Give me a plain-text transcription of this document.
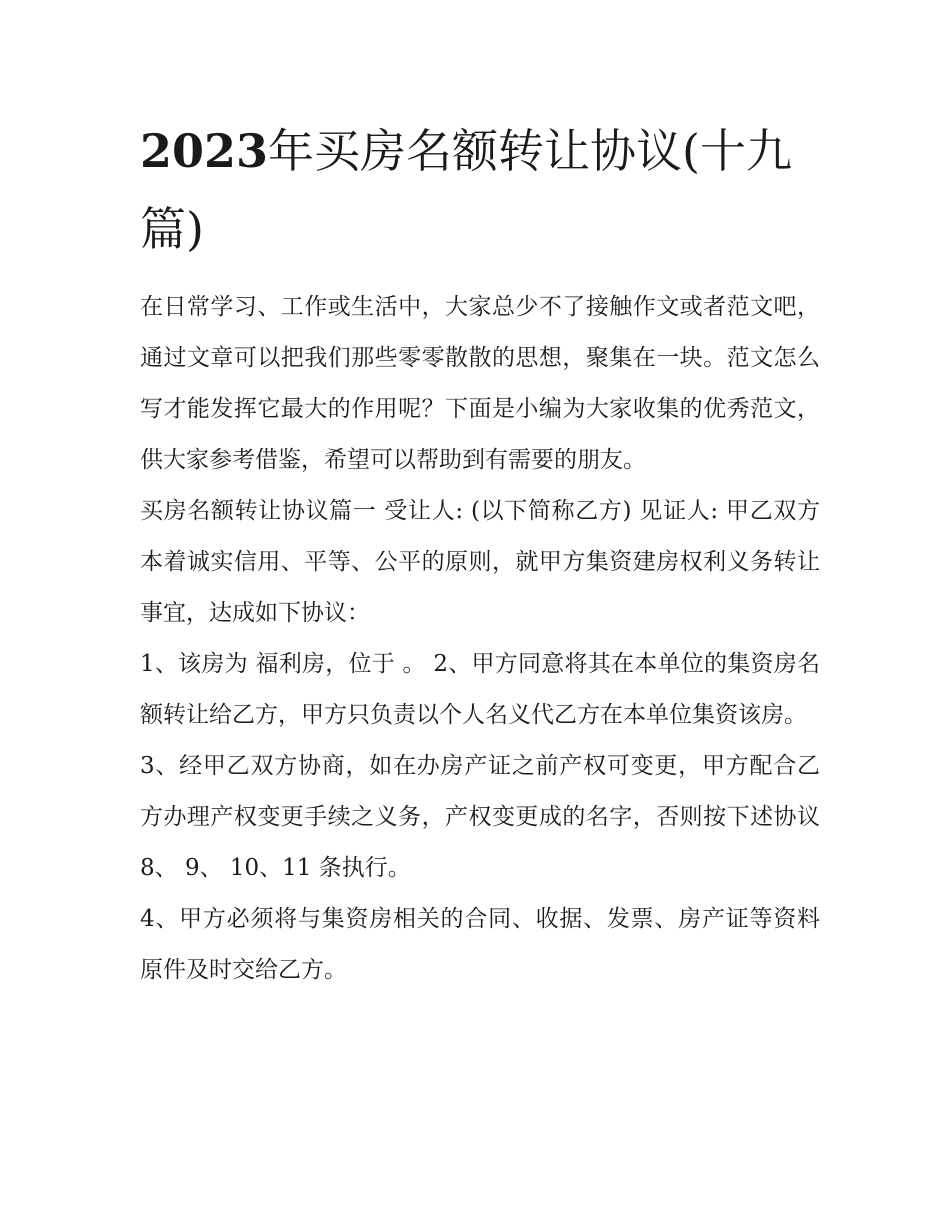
2023年买房名额转让协议(十九篇)

在日常学习、工作或生活中，大家总少不了接触作文或者范文吧，通过文章可以把我们那些零零散散的思想，聚集在一块。范文怎么写才能发挥它最大的作用呢？下面是小编为大家收集的优秀范文，供大家参考借鉴，希望可以帮助到有需要的朋友。

买房名额转让协议篇一 受让人: (以下简称乙方) 见证人: 甲乙双方本着诚实信用、平等、公平的原则，就甲方集资建房权利义务转让事宜，达成如下协议：

1、该房为 福利房，位于 。 2、甲方同意将其在本单位的集资房名额转让给乙方，甲方只负责以个人名义代乙方在本单位集资该房。

3、经甲乙双方协商，如在办房产证之前产权可变更，甲方配合乙方办理产权变更手续之义务，产权变更成的名字，否则按下述协议 8、 9、 10、11 条执行。

4、甲方必须将与集资房相关的合同、收据、发票、房产证等资料原件及时交给乙方。
